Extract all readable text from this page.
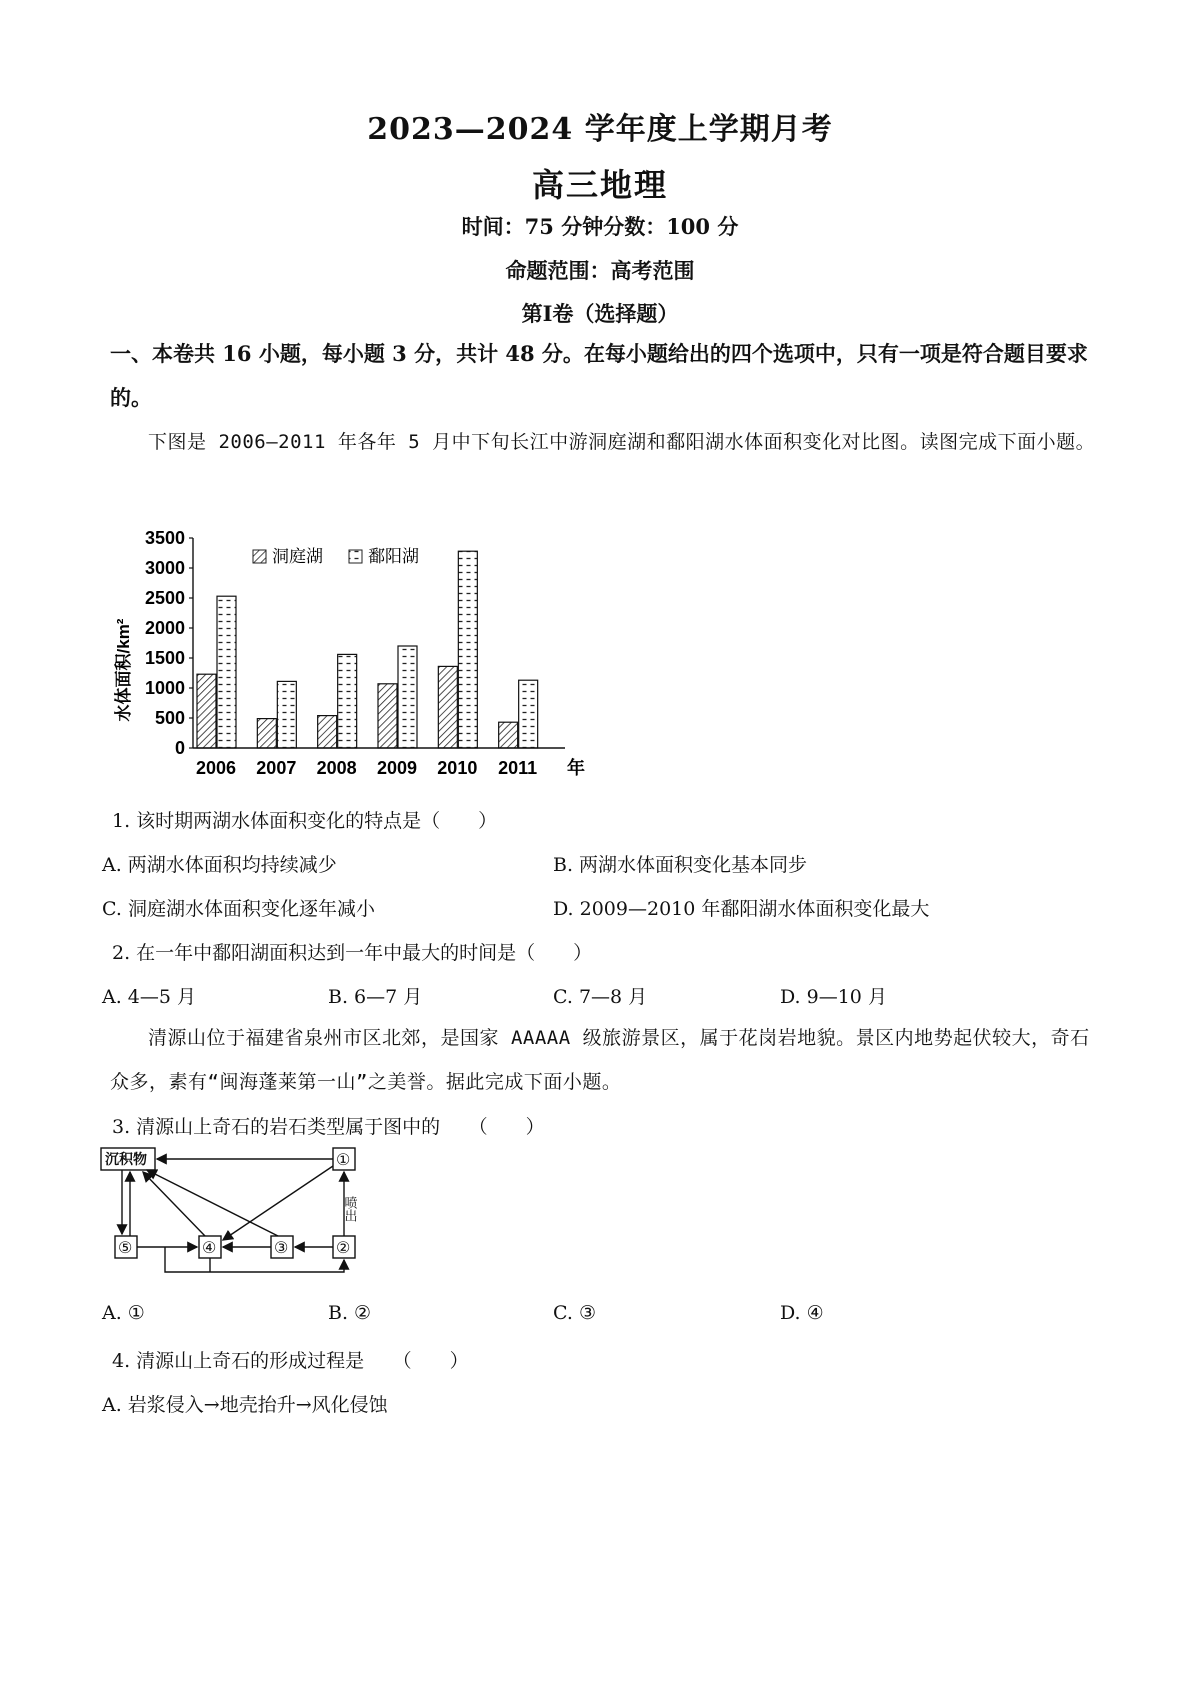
2023—2024 学年度上学期月考
高三地理
时间：75 分钟分数：100 分
命题范围：高考范围
第Ⅰ卷（选择题）
一、本卷共 16 小题，每小题 3 分，共计 48 分。在每小题给出的四个选项中，只有一项是符合题目要求的。
下图是 2006—2011 年各年 5 月中下旬长江中游洞庭湖和鄱阳湖水体面积变化对比图。读图完成下面小题。
0
500
1000
1500
2000
2500
3000
3500
2006 2007 2008 2009 2010 2011 年
洞庭湖	鄱阳湖
水体面积/km²
1. 该时期两湖水体面积变化的特点是（　　）
A. 两湖水体面积均持续减少	B. 两湖水体面积变化基本同步
C. 洞庭湖水体面积变化逐年减小	D. 2009—2010 年鄱阳湖水体面积变化最大
2. 在一年中鄱阳湖面积达到一年中最大的时间是（　　）
A. 4—5 月	B. 6—7 月	C. 7—8 月	D. 9—10 月
清源山位于福建省泉州市区北郊，是国家 AAAAA 级旅游景区，属于花岗岩地貌。景区内地势起伏较大，奇石众多，素有“闽海蓬莱第一山”之美誉。据此完成下面小题。
3. 清源山上奇石的岩石类型属于图中的　　（　　）
沉积物	①
⑤	④	③	②
喷出
A. ①	B. ②	C. ③	D. ④
4. 清源山上奇石的形成过程是　　（　　）
A. 岩浆侵入→地壳抬升→风化侵蚀
